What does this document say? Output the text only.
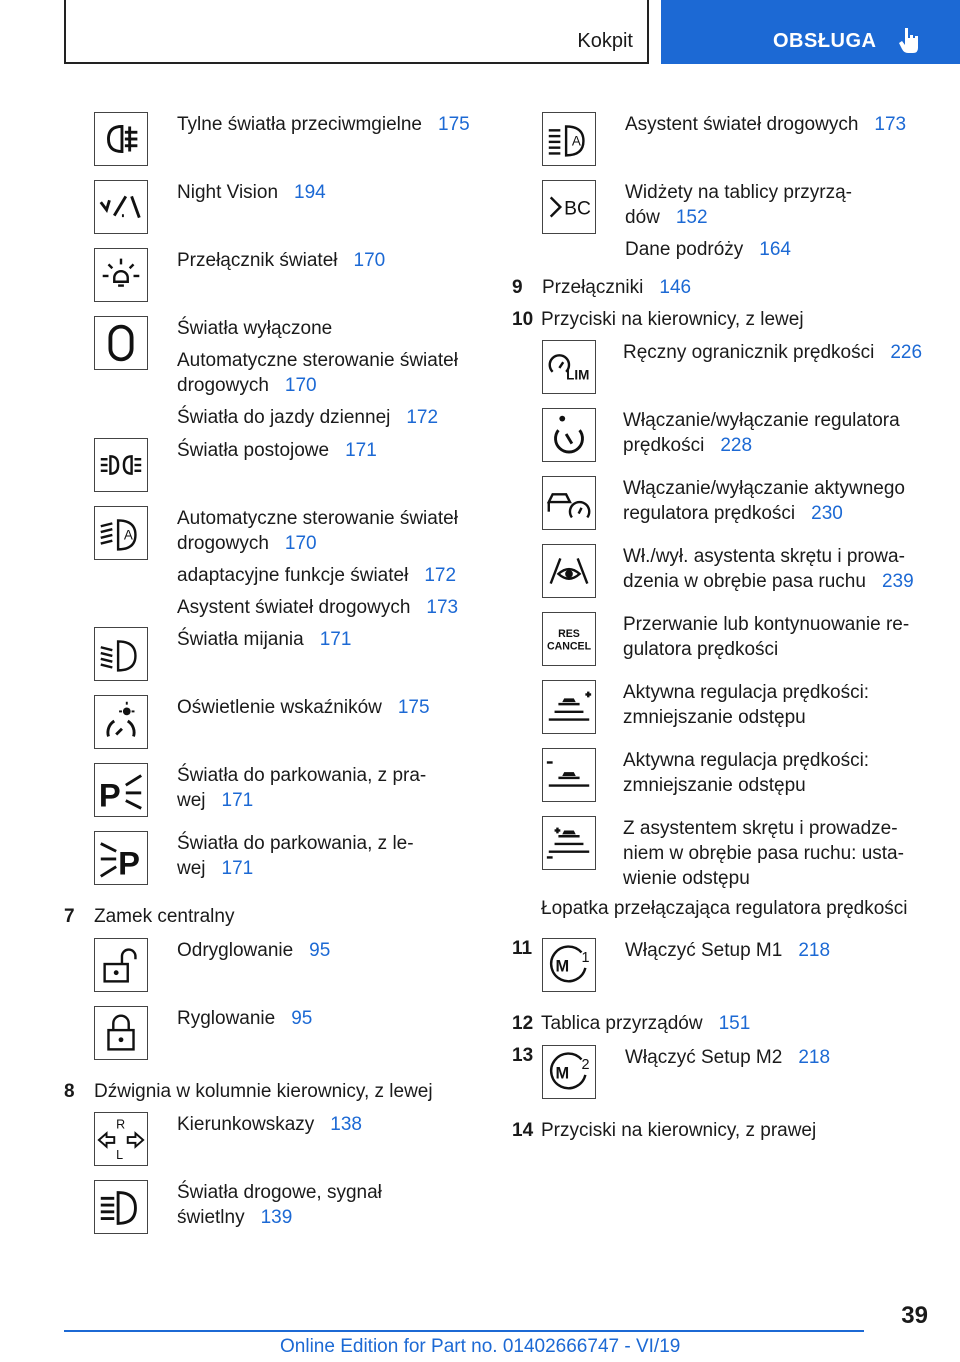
Kokpit	OBSŁUGA
Tylne światła przeciwmgielne 175
Night Vision 194
Przełącznik świateł 170
Światła wyłączone
Automatyczne sterowanie świateł
drogowych 170
Światła do jazdy dziennej 172
Światła postojowe 171
A
Automatyczne sterowanie świateł
drogowych 170
adaptacyjne funkcje świateł 172
Asystent świateł drogowych 173
Światła mijania 171
Oświetlenie wskaźników 175
P
Światła do parkowania, z pra-
wej 171
P
Światła do parkowania, z le-
wej 171
7 Zamek centralny
Odryglowanie 95
Ryglowanie 95
8 Dźwignia w kolumnie kierownicy, z lewej
R
L
Kierunkowskazy 138
Światła drogowe, sygnał
świetlny 139
A
Asystent świateł drogowych 173
BC
Widżety na tablicy przyrzą-
dów 152
Dane podróży 164
9 Przełączniki 146
10 Przyciski na kierownicy, z lewej
LIM
Ręczny ogranicznik prędkości 226
Włączanie/wyłączanie regulatora
prędkości 228
Włączanie/wyłączanie aktywnego
regulatora prędkości 230
Wł./wył. asystenta skrętu i prowa-
dzenia w obrębie pasa ruchu 239
RES
CANCEL
Przerwanie lub kontynuowanie re-
gulatora prędkości
Aktywna regulacja prędkości:
zmniejszanie odstępu
Aktywna regulacja prędkości:
zmniejszanie odstępu
Z asystentem skrętu i prowadze-
niem w obrębie pasa ruchu: usta-
wienie odstępu
Łopatka przełączająca regulatora prędkości
11
M 1 Włączyć Setup M1 218
12 Tablica przyrządów 151
13
M 2 Włączyć Setup M2 218
14 Przyciski na kierownicy, z prawej
39
Online Edition for Part no. 01402666747 - VI/19
